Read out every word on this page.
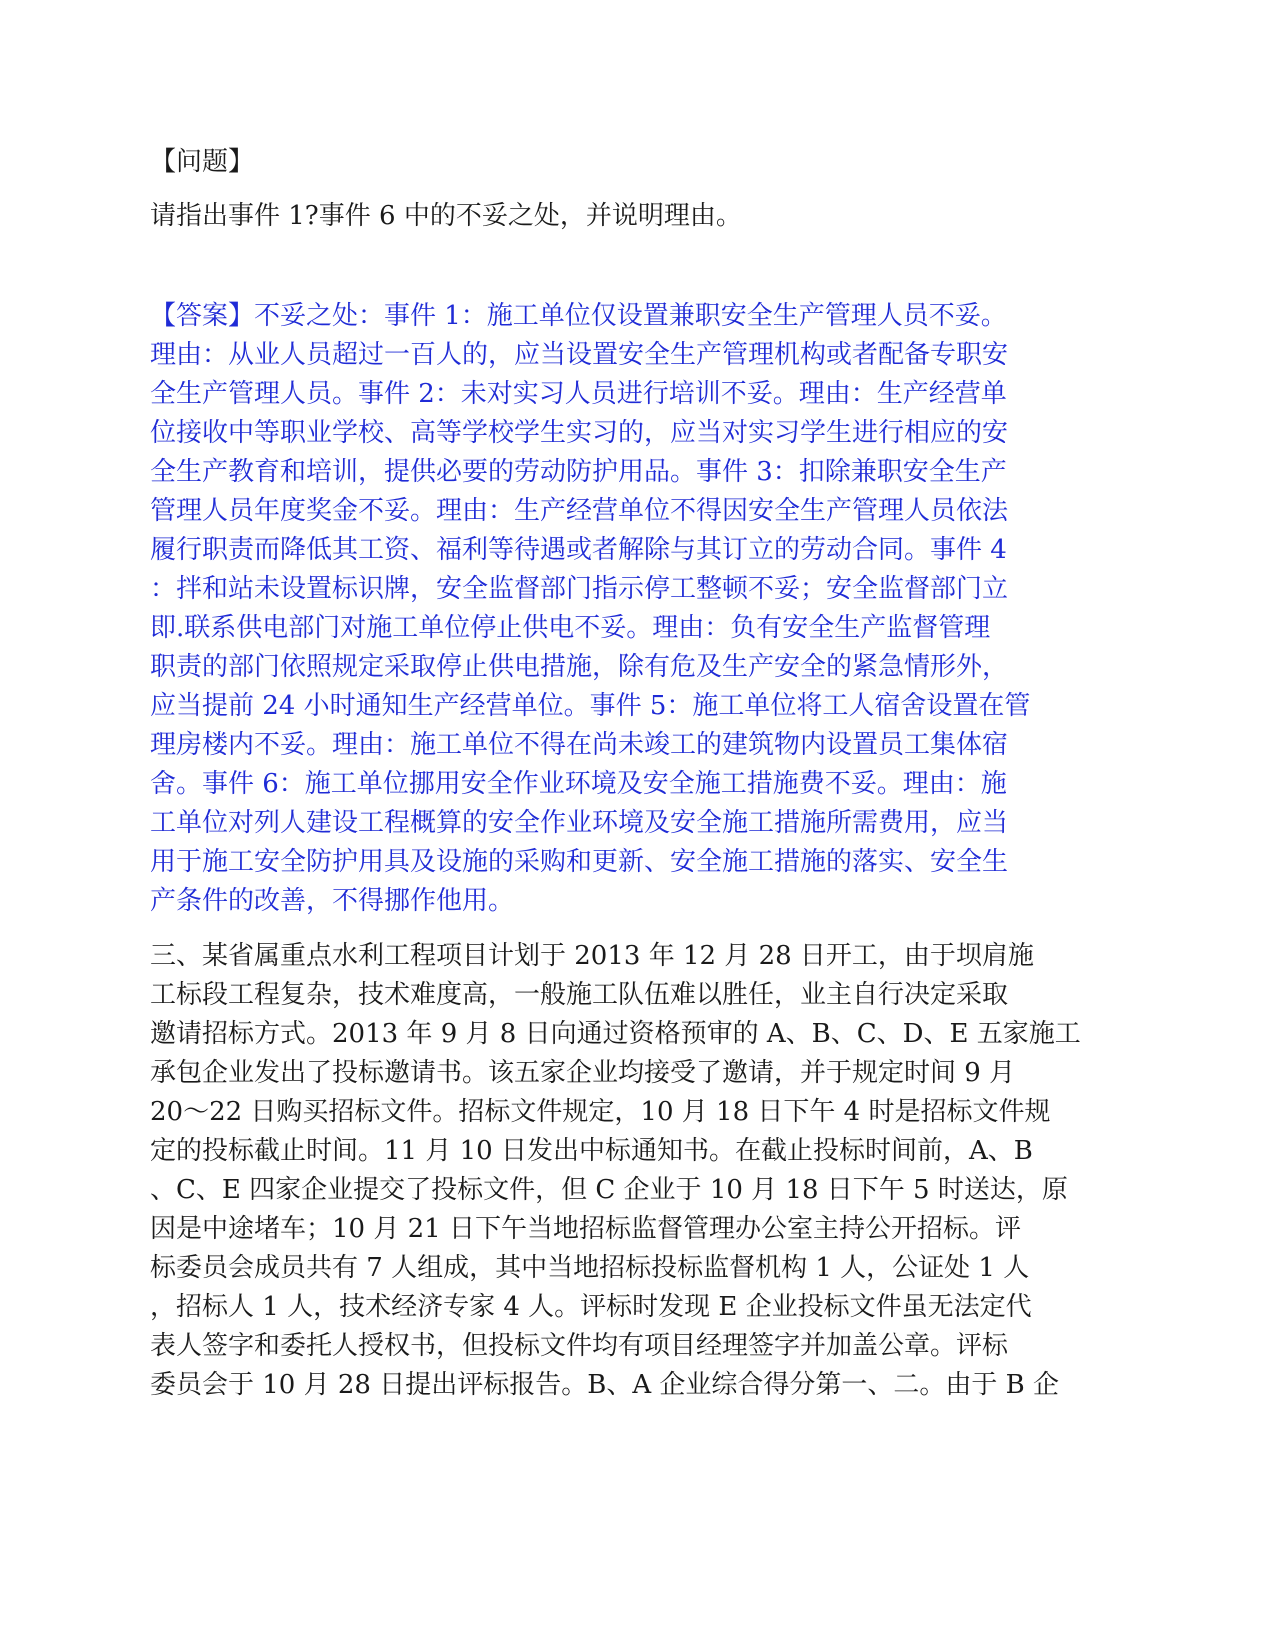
【问题】
请指出事件 1?事件 6 中的不妥之处，并说明理由。
【答案】不妥之处：事件 1：施工单位仅设置兼职安全生产管理人员不妥。
理由：从业人员超过一百人的，应当设置安全生产管理机构或者配备专职安
全生产管理人员。事件 2：未对实习人员进行培训不妥。理由：生产经营单
位接收中等职业学校、高等学校学生实习的，应当对实习学生进行相应的安
全生产教育和培训，提供必要的劳动防护用品。事件 3：扣除兼职安全生产
管理人员年度奖金不妥。理由：生产经营单位不得因安全生产管理人员依法
履行职责而降低其工资、福利等待遇或者解除与其订立的劳动合同。事件 4
：拌和站未设置标识牌，安全监督部门指示停工整顿不妥；安全监督部门立
即.联系供电部门对施工单位停止供电不妥。理由：负有安全生产监督管理
职责的部门依照规定采取停止供电措施，除有危及生产安全的紧急情形外，
应当提前 24 小时通知生产经营单位。事件 5：施工单位将工人宿舍设置在管
理房楼内不妥。理由：施工单位不得在尚未竣工的建筑物内设置员工集体宿
舍。事件 6：施工单位挪用安全作业环境及安全施工措施费不妥。理由：施
工单位对列人建设工程概算的安全作业环境及安全施工措施所需费用，应当
用于施工安全防护用具及设施的采购和更新、安全施工措施的落实、安全生
产条件的改善，不得挪作他用。
三、某省属重点水利工程项目计划于 2013 年 12 月 28 日开工，由于坝肩施
工标段工程复杂，技术难度高，一般施工队伍难以胜任，业主自行决定采取
邀请招标方式。2013 年 9 月 8 日向通过资格预审的 A、B、C、D、E 五家施工
承包企业发出了投标邀请书。该五家企业均接受了邀请，并于规定时间 9 月
20～22 日购买招标文件。招标文件规定，10 月 18 日下午 4 时是招标文件规
定的投标截止时间。11 月 10 日发出中标通知书。在截止投标时间前，A、B
、C、E 四家企业提交了投标文件，但 C 企业于 10 月 18 日下午 5 时送达，原
因是中途堵车；10 月 21 日下午当地招标监督管理办公室主持公开招标。评
标委员会成员共有 7 人组成，其中当地招标投标监督机构 1 人，公证处 1 人
，招标人 1 人，技术经济专家 4 人。评标时发现 E 企业投标文件虽无法定代
表人签字和委托人授权书，但投标文件均有项目经理签字并加盖公章。评标
委员会于 10 月 28 日提出评标报告。B、A 企业综合得分第一、二。由于 B 企
